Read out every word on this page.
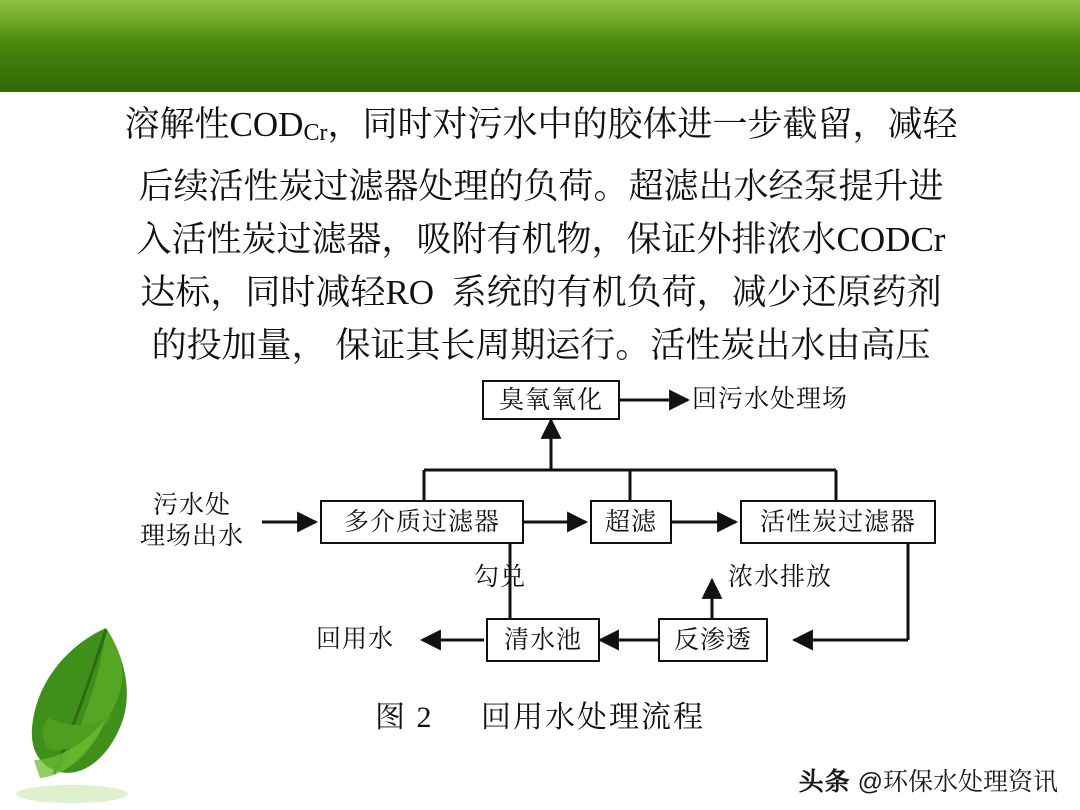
溶解性CODCr，同时对污水中的胶体进一步截留，减轻
后续活性炭过滤器处理的负荷。超滤出水经泵提升进
入活性炭过滤器，吸附有机物，保证外排浓水CODCr
达标，同时减轻RO 系统的有机负荷，减少还原药剂
的投加量， 保证其长周期运行。活性炭出水由高压
臭氧氧化
多介质过滤器	超滤	活性炭过滤器
清水池	反渗透
污水处
理场出水
回污水处理场
回用水
勾兑	浓水排放
图 2 回用水处理流程
头条 @环保水处理资讯
